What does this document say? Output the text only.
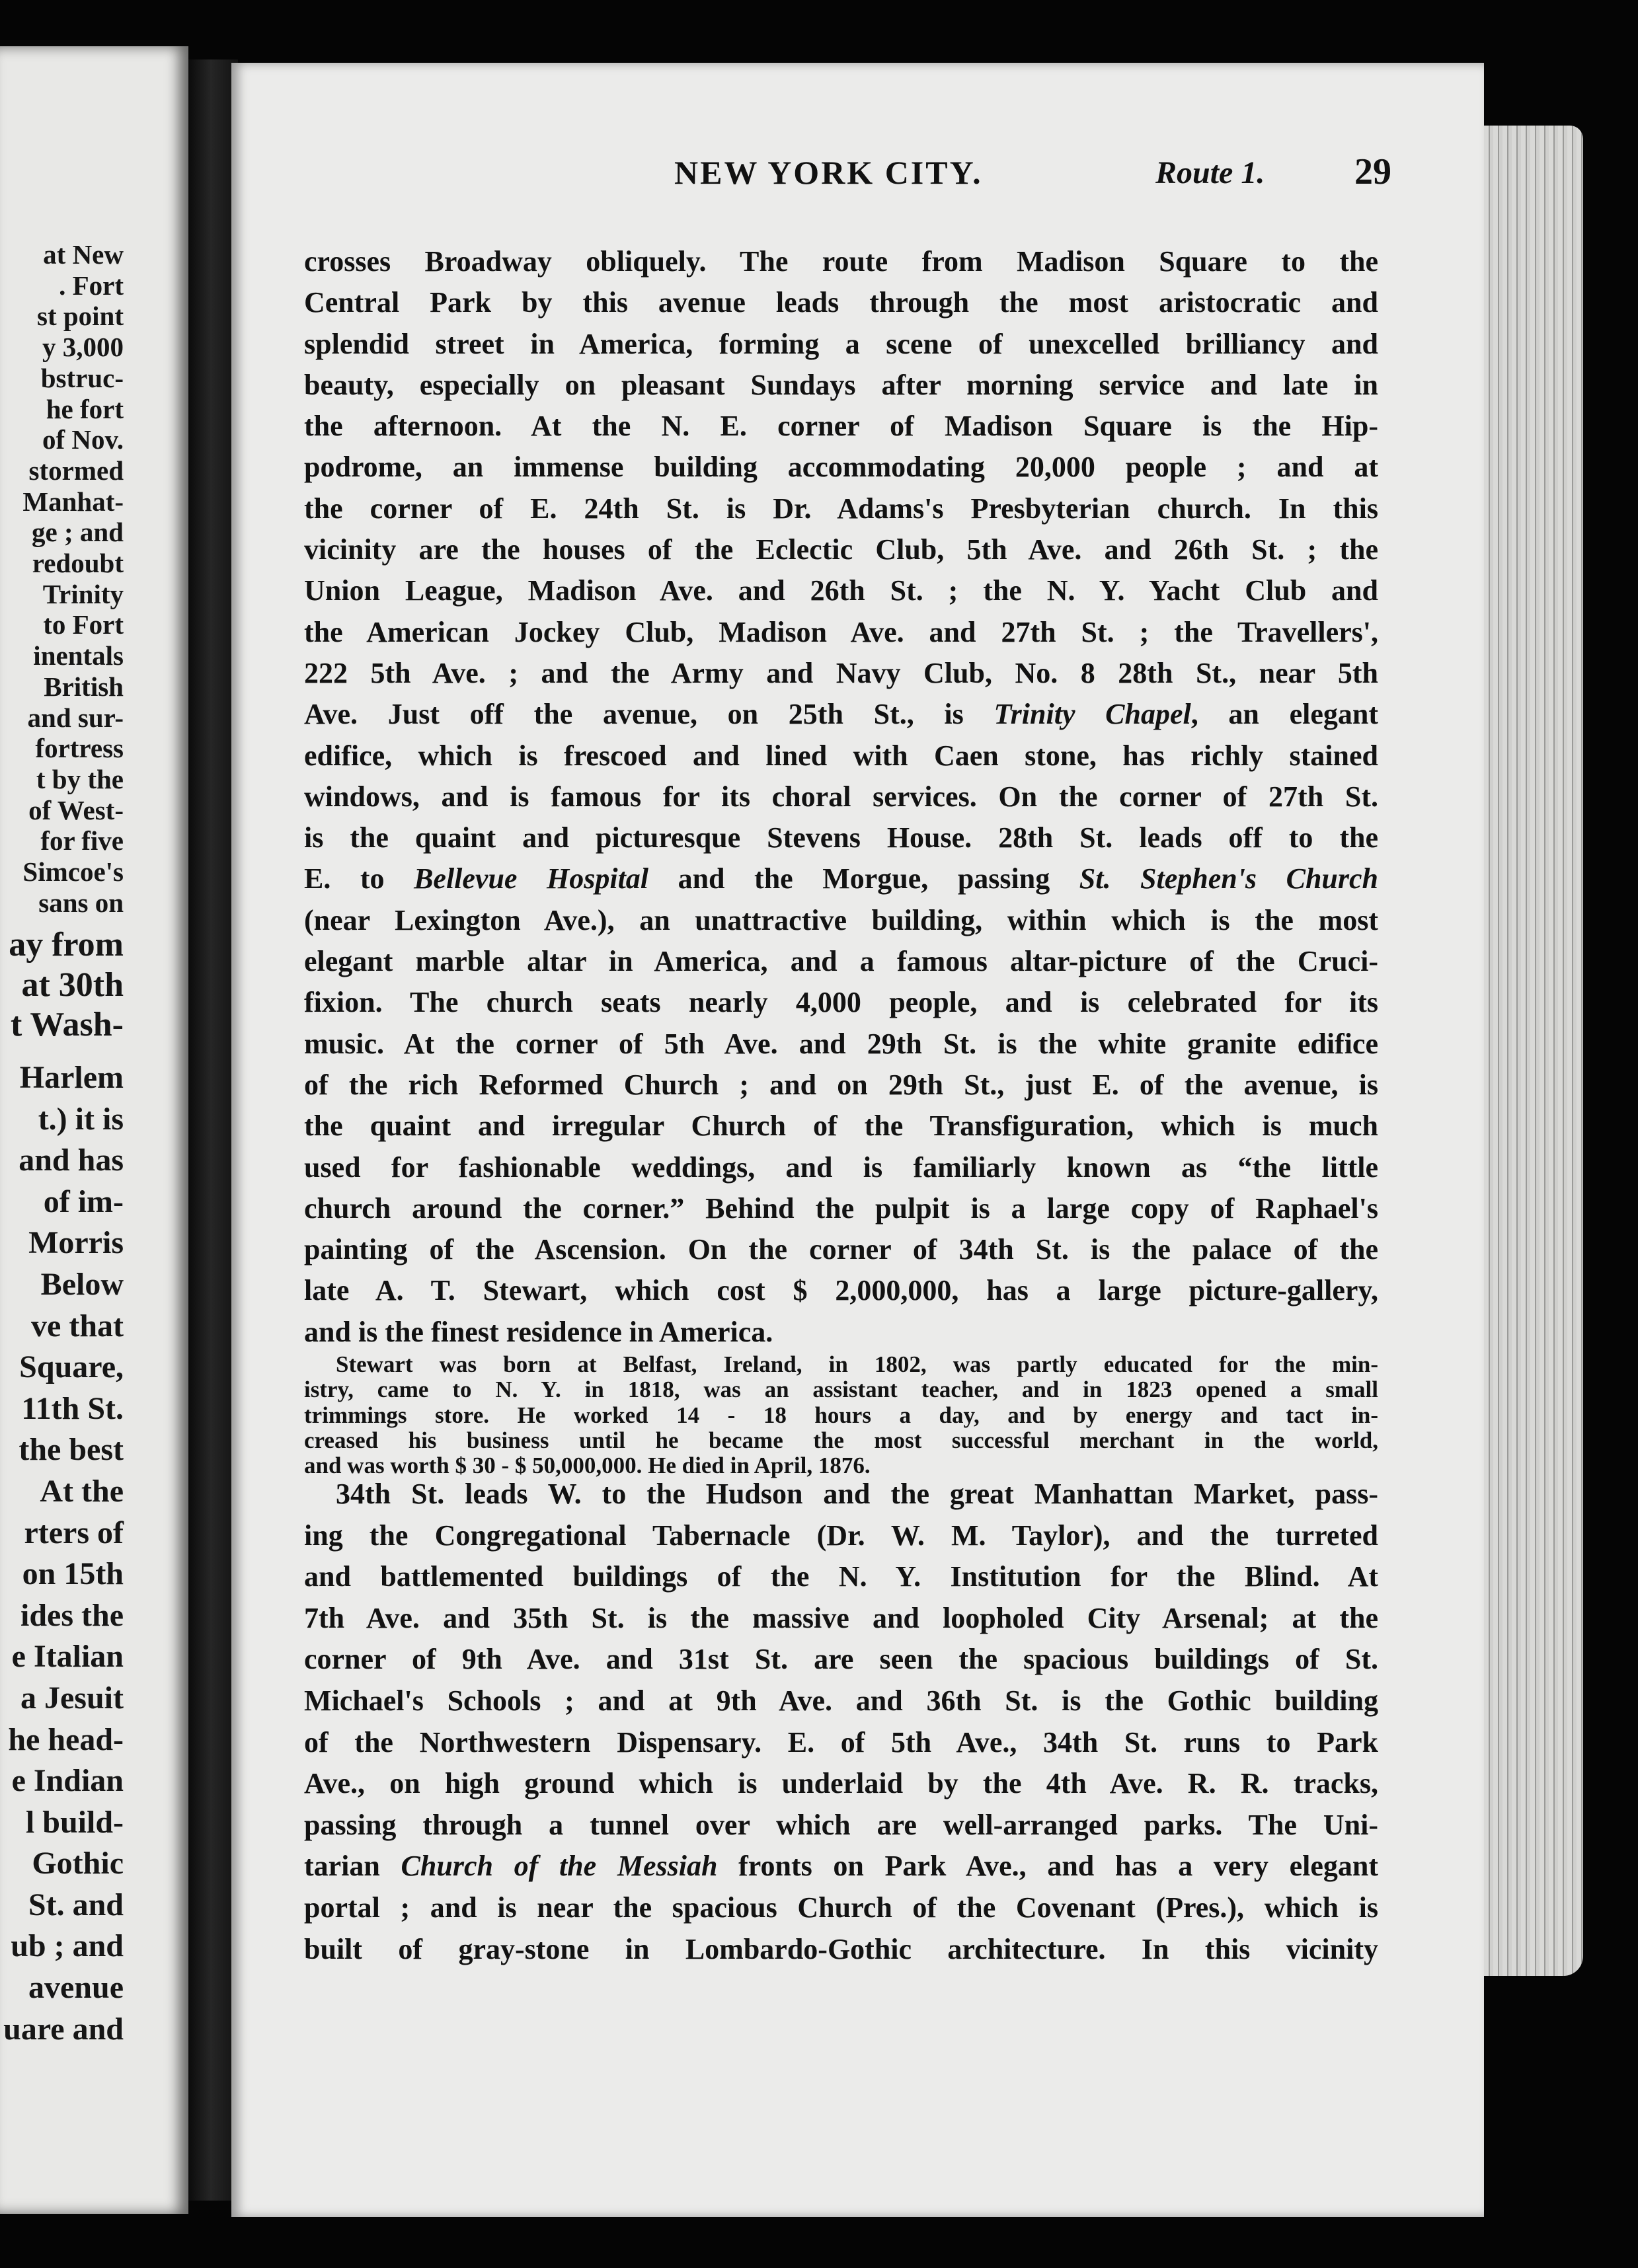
at New
. Fort
st point
y 3,000
bstruc-
he fort
of Nov.
stormed
Manhat-
ge ; and
redoubt
Trinity
to Fort
inentals
British
and sur-
fortress
t by the
of West-
for five
Simcoe's
sans on
ay from
at 30th
t Wash-
Harlem
t.) it is
and has
of im-
Morris
Below
ve that
Square,
11th St.
the best
At the
rters of
on 15th
ides the
e Italian
a Jesuit
he head-
e Indian
l build-
Gothic
St. and
ub ; and
avenue
uare and
NEW YORK CITY.	Route 1. 29
crosses Broadway obliquely. The route from Madison Square to the
Central Park by this avenue leads through the most aristocratic and
splendid street in America, forming a scene of unexcelled brilliancy and
beauty, especially on pleasant Sundays after morning service and late in
the afternoon. At the N. E. corner of Madison Square is the Hip-
podrome, an immense building accommodating 20,000 people ; and at
the corner of E. 24th St. is Dr. Adams's Presbyterian church. In this
vicinity are the houses of the Eclectic Club, 5th Ave. and 26th St. ; the
Union League, Madison Ave. and 26th St. ; the N. Y. Yacht Club and
the American Jockey Club, Madison Ave. and 27th St. ; the Travellers',
222 5th Ave. ; and the Army and Navy Club, No. 8 28th St., near 5th
Ave. Just off the avenue, on 25th St., is Trinity Chapel, an elegant
edifice, which is frescoed and lined with Caen stone, has richly stained
windows, and is famous for its choral services. On the corner of 27th St.
is the quaint and picturesque Stevens House. 28th St. leads off to the
E. to Bellevue Hospital and the Morgue, passing St. Stephen's Church
(near Lexington Ave.), an unattractive building, within which is the most
elegant marble altar in America, and a famous altar-picture of the Cruci-
fixion. The church seats nearly 4,000 people, and is celebrated for its
music. At the corner of 5th Ave. and 29th St. is the white granite edifice
of the rich Reformed Church ; and on 29th St., just E. of the avenue, is
the quaint and irregular Church of the Transfiguration, which is much
used for fashionable weddings, and is familiarly known as “the little
church around the corner.” Behind the pulpit is a large copy of Raphael's
painting of the Ascension. On the corner of 34th St. is the palace of the
late A. T. Stewart, which cost $ 2,000,000, has a large picture-gallery,
and is the finest residence in America.
Stewart was born at Belfast, Ireland, in 1802, was partly educated for the min-
istry, came to N. Y. in 1818, was an assistant teacher, and in 1823 opened a small
trimmings store. He worked 14 - 18 hours a day, and by energy and tact in-
creased his business until he became the most successful merchant in the world,
and was worth $ 30 - $ 50,000,000. He died in April, 1876.
34th St. leads W. to the Hudson and the great Manhattan Market, pass-
ing the Congregational Tabernacle (Dr. W. M. Taylor), and the turreted
and battlemented buildings of the N. Y. Institution for the Blind. At
7th Ave. and 35th St. is the massive and loopholed City Arsenal; at the
corner of 9th Ave. and 31st St. are seen the spacious buildings of St.
Michael's Schools ; and at 9th Ave. and 36th St. is the Gothic building
of the Northwestern Dispensary. E. of 5th Ave., 34th St. runs to Park
Ave., on high ground which is underlaid by the 4th Ave. R. R. tracks,
passing through a tunnel over which are well-arranged parks. The Uni-
tarian Church of the Messiah fronts on Park Ave., and has a very elegant
portal ; and is near the spacious Church of the Covenant (Pres.), which is
built of gray-stone in Lombardo-Gothic architecture. In this vicinity
